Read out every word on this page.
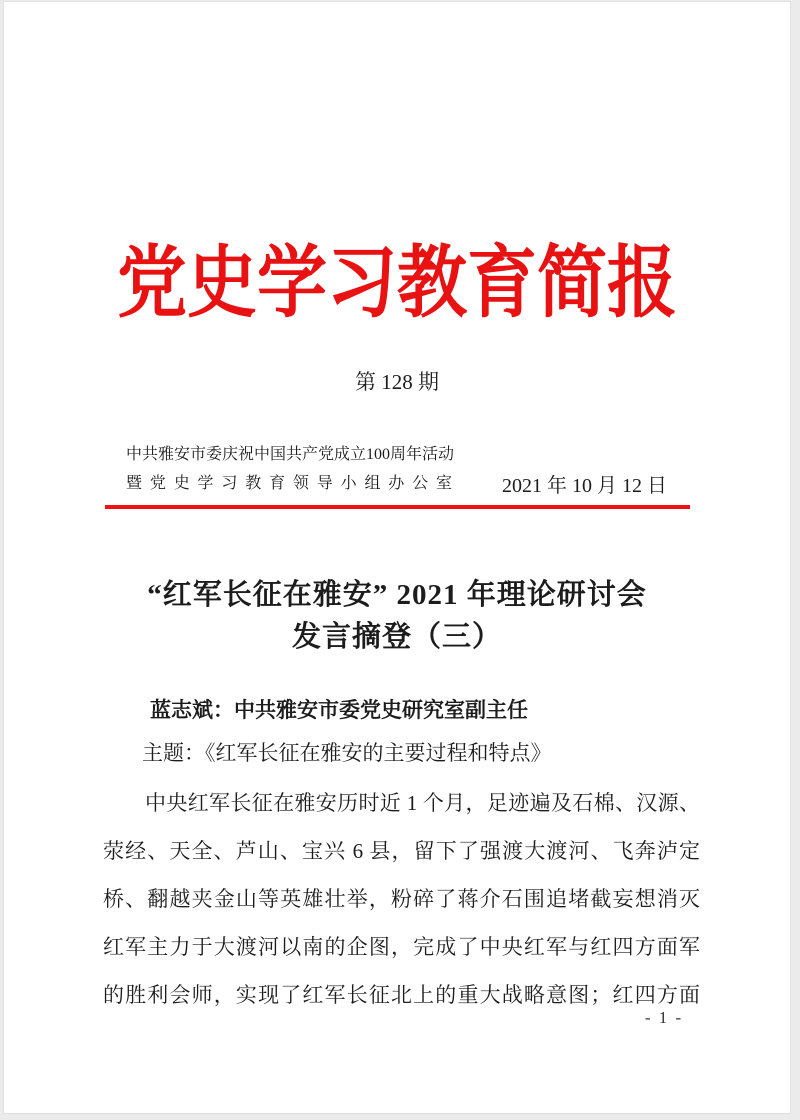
党史学习教育简报
第 128 期
中共雅安市委庆祝中国共产党成立100周年活动
暨党史学习教育领导小组办公室	2021 年 10 月 12 日
“红军长征在雅安” 2021 年理论研讨会
发言摘登（三）
蓝志斌：中共雅安市委党史研究室副主任
主题：《红军长征在雅安的主要过程和特点》
中央红军长征在雅安历时近 1 个月，足迹遍及石棉、汉源、
荥经、天全、芦山、宝兴 6 县，留下了强渡大渡河、飞奔泸定
桥、翻越夹金山等英雄壮举，粉碎了蒋介石围追堵截妄想消灭
红军主力于大渡河以南的企图，完成了中央红军与红四方面军
的胜利会师，实现了红军长征北上的重大战略意图；红四方面
- 1 -
